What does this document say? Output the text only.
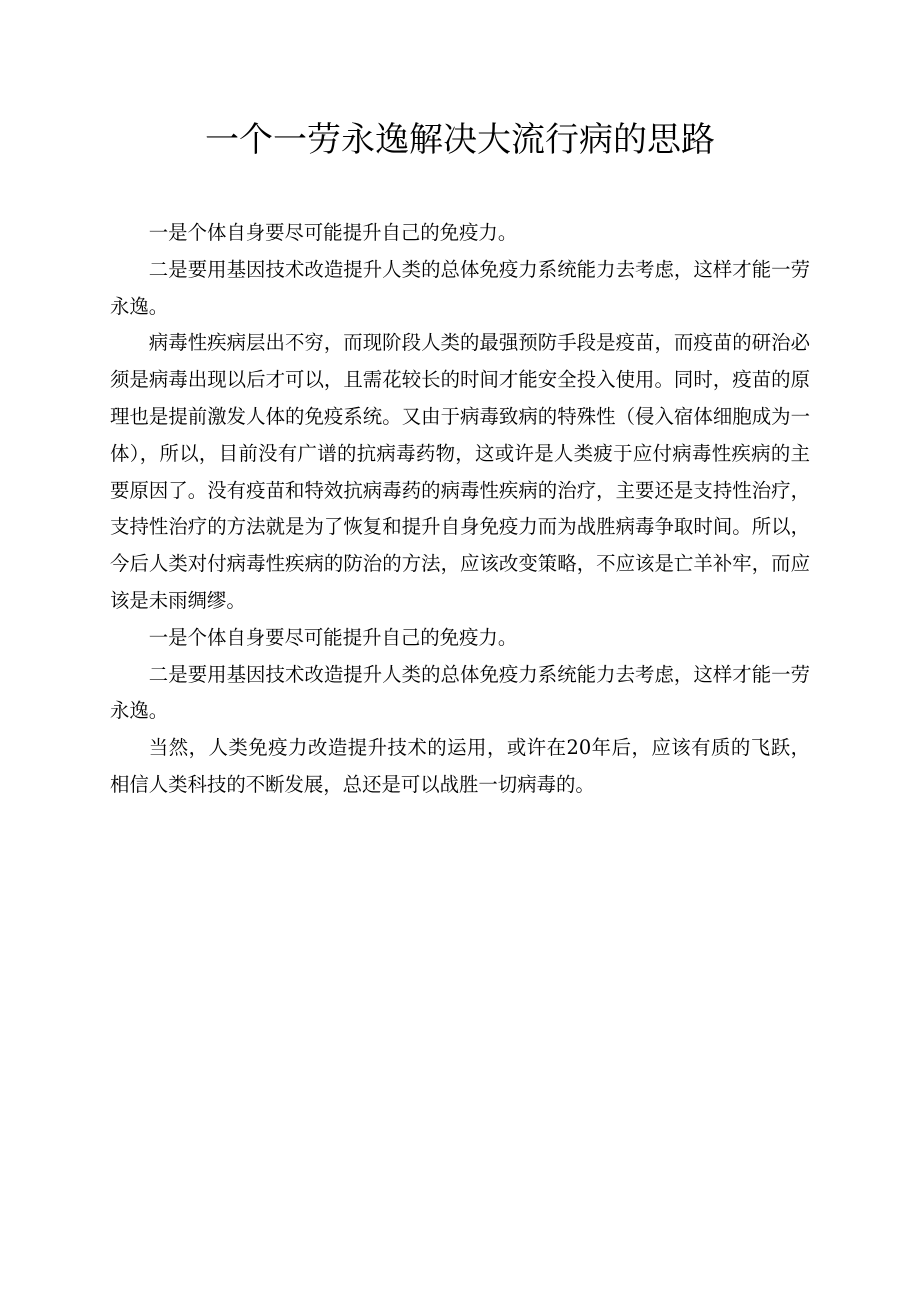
一个一劳永逸解决大流行病的思路

一是个体自身要尽可能提升自己的免疫力。

二是要用基因技术改造提升人类的总体免疫力系统能力去考虑，这样才能一劳永逸。

病毒性疾病层出不穷，而现阶段人类的最强预防手段是疫苗，而疫苗的研治必须是病毒出现以后才可以，且需花较长的时间才能安全投入使用。同时，疫苗的原理也是提前激发人体的免疫系统。又由于病毒致病的特殊性（侵入宿体细胞成为一体），所以，目前没有广谱的抗病毒药物，这或许是人类疲于应付病毒性疾病的主要原因了。没有疫苗和特效抗病毒药的病毒性疾病的治疗，主要还是支持性治疗，支持性治疗的方法就是为了恢复和提升自身免疫力而为战胜病毒争取时间。所以，今后人类对付病毒性疾病的防治的方法，应该改变策略，不应该是亡羊补牢，而应该是未雨绸缪。

一是个体自身要尽可能提升自己的免疫力。

二是要用基因技术改造提升人类的总体免疫力系统能力去考虑，这样才能一劳永逸。

当然，人类免疫力改造提升技术的运用，或许在20年后，应该有质的飞跃，相信人类科技的不断发展，总还是可以战胜一切病毒的。
